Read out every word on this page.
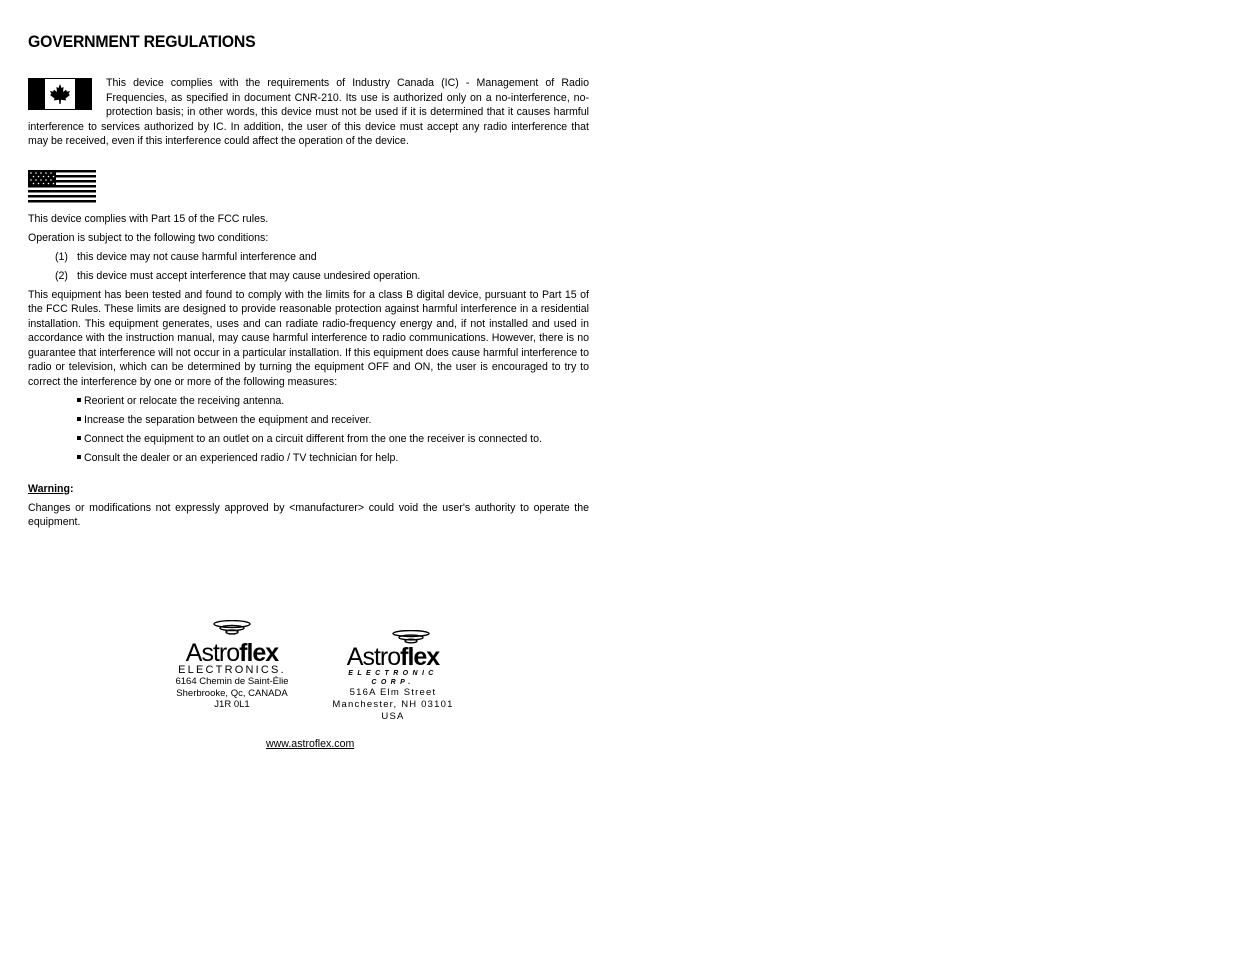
GOVERNMENT REGULATIONS
This device complies with the requirements of Industry Canada (IC) - Management of Radio Frequencies, as specified in document CNR-210. Its use is authorized only on a no-interference, no-protection basis; in other words, this device must not be used if it is determined that it causes harmful interference to services authorized by IC. In addition, the user of this device must accept any radio interference that may be received, even if this interference could affect the operation of the device.

This device complies with Part 15 of the FCC rules.

Operation is subject to the following two conditions:

(1) this device may not cause harmful interference and
(2) this device must accept interference that may cause undesired operation.

This equipment has been tested and found to comply with the limits for a class B digital device, pursuant to Part 15 of the FCC Rules. These limits are designed to provide reasonable protection against harmful interference in a residential installation. This equipment generates, uses and can radiate radio-frequency energy and, if not installed and used in accordance with the instruction manual, may cause harmful interference to radio communications. However, there is no guarantee that interference will not occur in a particular installation. If this equipment does cause harmful interference to radio or television, which can be determined by turning the equipment OFF and ON, the user is encouraged to try to correct the interference by one or more of the following measures:

Reorient or relocate the receiving antenna.
Increase the separation between the equipment and receiver.
Connect the equipment to an outlet on a circuit different from the one the receiver is connected to.
Consult the dealer or an experienced radio / TV technician for help.
Warning:

Changes or modifications not expressly approved by <manufacturer> could void the user's authority to operate the equipment.

Astroflex
ELECTRONICS.
6164 Chemin de Saint-Élie
Sherbrooke, Qc, CANADA
J1R 0L1
Astroflex
ELECTRONIC CORP.
516A Elm Street
Manchester, NH 03101
USA
www.astroflex.com
